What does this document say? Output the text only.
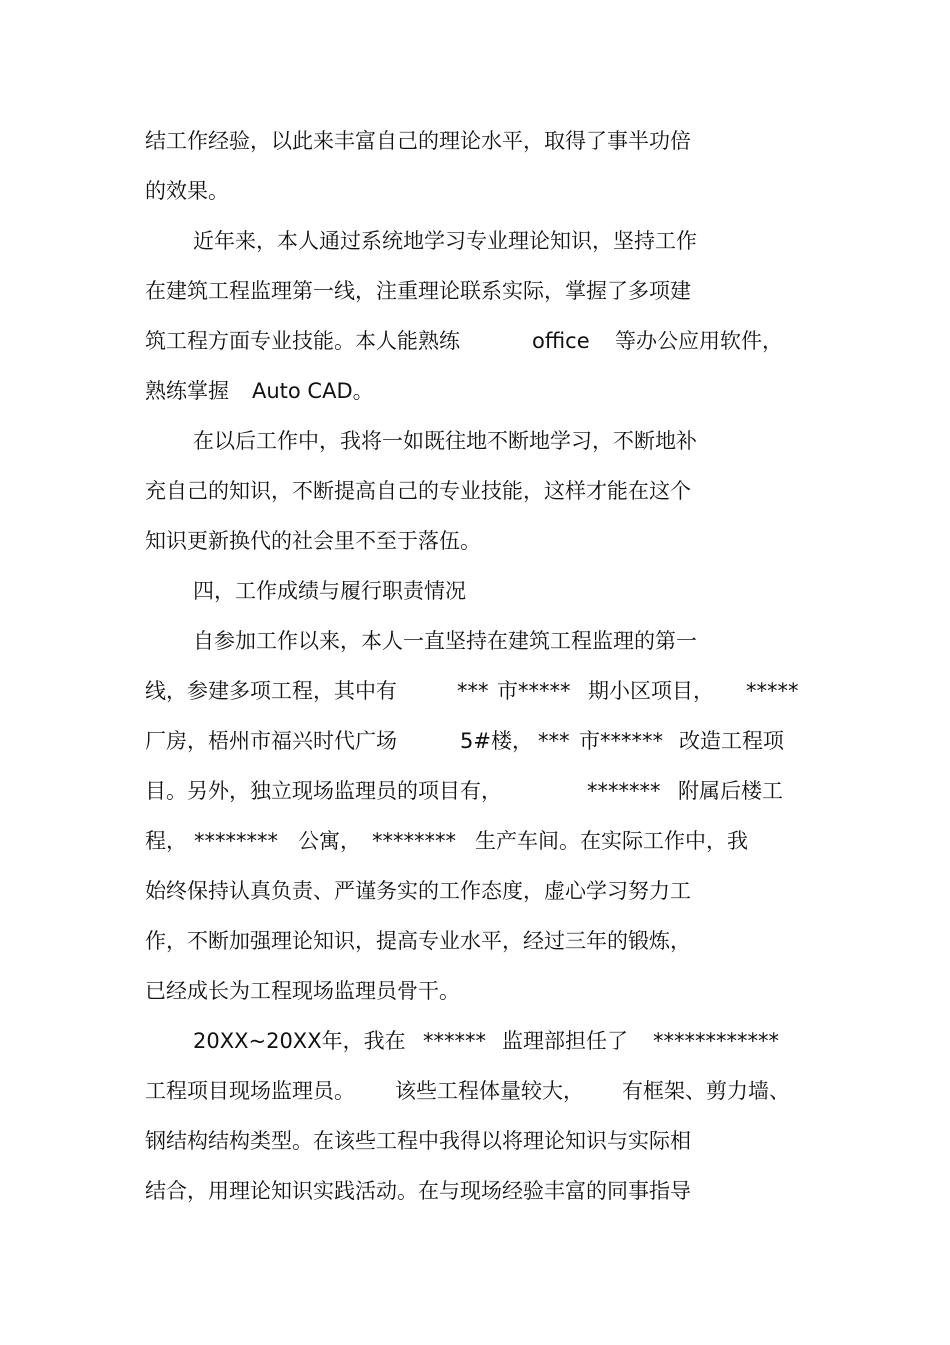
结工作经验，以此来丰富自己的理论水平，取得了事半功倍

的效果。

近年来，本人通过系统地学习专业理论知识，坚持工作

在建筑工程监理第一线，注重理论联系实际，掌握了多项建

筑工程方面专业技能。本人能熟练

	office

等办公应用软件，

熟练掌握

Auto CAD。

在以后工作中，我将一如既往地不断地学习，不断地补

充自己的知识，不断提高自己的专业技能，这样才能在这个

知识更新换代的社会里不至于落伍。

四，工作成绩与履行职责情况

自参加工作以来，本人一直坚持在建筑工程监理的第一

线，参建多项工程，其中有

	***

市*****

期小区项目，

*****

厂房，梧州市福兴时代广场

	5#楼，

***

市******

改造工程项

目。另外，独立现场监理员的项目有，

	*******

附属后楼工

程，

********

公寓，

********

生产车间。在实际工作中，我

始终保持认真负责、严谨务实的工作态度，虚心学习努力工

作，不断加强理论知识，提高专业水平，经过三年的锻炼，

已经成长为工程现场监理员骨干。

20XX~20XX年，我在

******

监理部担任了

************

工程项目现场监理员。

该些工程体量较大，

有框架、剪力墙、

钢结构结构类型。在该些工程中我得以将理论知识与实际相

结合，用理论知识实践活动。在与现场经验丰富的同事指导
